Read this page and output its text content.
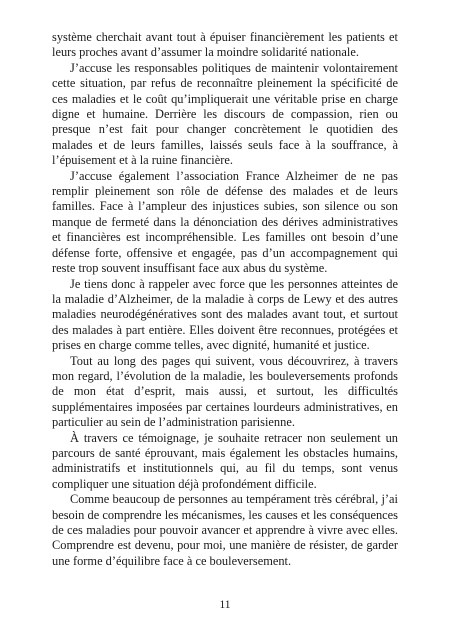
système cherchait avant tout à épuiser financièrement les patients et leurs proches avant d’assumer la moindre solidarité nationale.

J’accuse les responsables politiques de maintenir volontairement cette situation, par refus de reconnaître pleinement la spécificité de ces maladies et le coût qu’impliquerait une véritable prise en charge digne et humaine. Derrière les discours de compassion, rien ou presque n’est fait pour changer concrètement le quotidien des malades et de leurs familles, laissés seuls face à la souffrance, à l’épuisement et à la ruine financière.

J’accuse également l’association France Alzheimer de ne pas remplir pleinement son rôle de défense des malades et de leurs familles. Face à l’ampleur des injustices subies, son silence ou son manque de fermeté dans la dénonciation des dérives administratives et financières est incompréhensible. Les familles ont besoin d’une défense forte, offensive et engagée, pas d’un accompagnement qui reste trop souvent insuffisant face aux abus du système.

Je tiens donc à rappeler avec force que les personnes atteintes de la maladie d’Alzheimer, de la maladie à corps de Lewy et des autres maladies neurodégénératives sont des malades avant tout, et surtout des malades à part entière. Elles doivent être reconnues, protégées et prises en charge comme telles, avec dignité, humanité et justice.

Tout au long des pages qui suivent, vous découvrirez, à travers mon regard, l’évolution de la maladie, les bouleversements profonds de mon état d’esprit, mais aussi, et surtout, les difficultés supplémentaires imposées par certaines lourdeurs administratives, en particulier au sein de l’administration parisienne.

À travers ce témoignage, je souhaite retracer non seulement un parcours de santé éprouvant, mais également les obstacles humains, administratifs et institutionnels qui, au fil du temps, sont venus compliquer une situation déjà profondément difficile.

Comme beaucoup de personnes au tempérament très cérébral, j’ai besoin de comprendre les mécanismes, les causes et les conséquences de ces maladies pour pouvoir avancer et apprendre à vivre avec elles. Comprendre est devenu, pour moi, une manière de résister, de garder une forme d’équilibre face à ce bouleversement.

11
